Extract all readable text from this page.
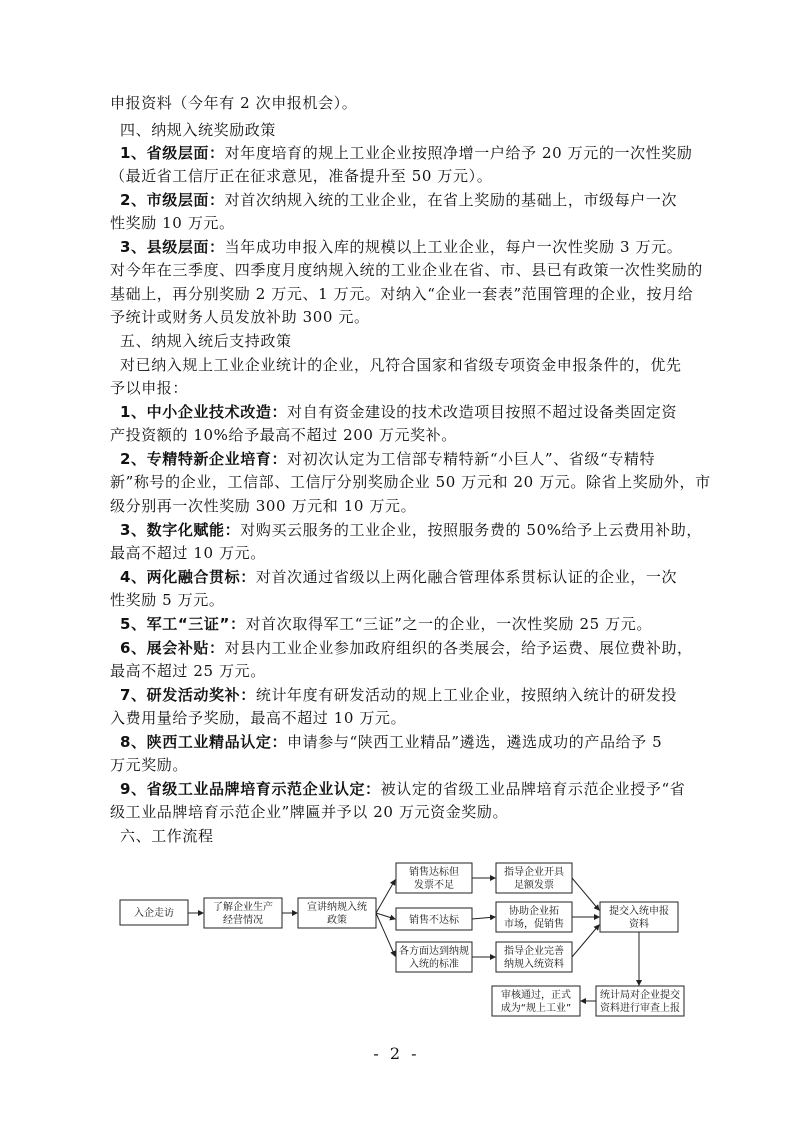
申报资料（今年有 2 次申报机会）。
四、纳规入统奖励政策
1、省级层面：对年度培育的规上工业企业按照净增一户给予 20 万元的一次性奖励
（最近省工信厅正在征求意见，准备提升至 50 万元）。
2、市级层面：对首次纳规入统的工业企业，在省上奖励的基础上，市级每户一次
性奖励 10 万元。
3、县级层面：当年成功申报入库的规模以上工业企业，每户一次性奖励 3 万元。
对今年在三季度、四季度月度纳规入统的工业企业在省、市、县已有政策一次性奖励的
基础上，再分别奖励 2 万元、1 万元。对纳入“企业一套表”范围管理的企业，按月给
予统计或财务人员发放补助 300 元。
五、纳规入统后支持政策
对已纳入规上工业企业统计的企业，凡符合国家和省级专项资金申报条件的，优先
予以申报：
1、中小企业技术改造：对自有资金建设的技术改造项目按照不超过设备类固定资
产投资额的 10%给予最高不超过 200 万元奖补。
2、专精特新企业培育：对初次认定为工信部专精特新“小巨人”、省级“专精特
新”称号的企业，工信部、工信厅分别奖励企业 50 万元和 20 万元。除省上奖励外，市
级分别再一次性奖励 300 万元和 10 万元。
3、数字化赋能：对购买云服务的工业企业，按照服务费的 50%给予上云费用补助，
最高不超过 10 万元。
4、两化融合贯标：对首次通过省级以上两化融合管理体系贯标认证的企业，一次
性奖励 5 万元。
5、军工“三证”：对首次取得军工“三证”之一的企业，一次性奖励 25 万元。
6、展会补贴：对县内工业企业参加政府组织的各类展会，给予运费、展位费补助，
最高不超过 25 万元。
7、研发活动奖补：统计年度有研发活动的规上工业企业，按照纳入统计的研发投
入费用量给予奖励，最高不超过 10 万元。
8、陕西工业精品认定：申请参与“陕西工业精品”遴选，遴选成功的产品给予 5
万元奖励。
9、省级工业品牌培育示范企业认定：被认定的省级工业品牌培育示范企业授予“省
级工业品牌培育示范企业”牌匾并予以 20 万元资金奖励。
六、工作流程
入企走访
了解企业生产
经营情况
宣讲纳规入统
政策
销售达标但
发票不足
销售不达标
各方面达到纳规
入统的标准
指导企业开具
足额发票
协助企业拓
市场，促销售
指导企业完善
纳规入统资料
提交入统申报
资料
统计局对企业提交
资料进行审查上报
审核通过，正式
成为“规上工业”
- 2 -
